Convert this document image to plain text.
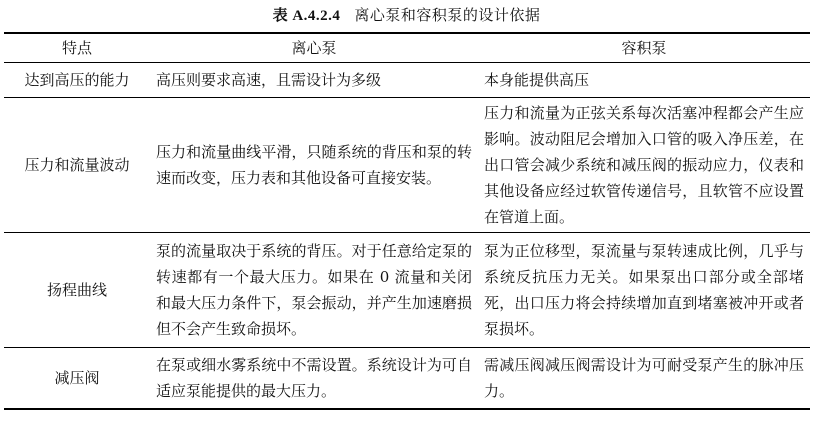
表 A.4.2.4 离心泵和容积泵的设计依据
特点	离心泵	容积泵
达到高压的能力	高压则要求高速，且需设计为多级	本身能提供高压
压力和流量波动	压力和流量曲线平滑，只随系统的背压和泵的转速而改变，压力表和其他设备可直接安装。	压力和流量为正弦关系每次活塞冲程都会产生应影响。波动阻尼会增加入口管的吸入净压差，在出口管会减少系统和减压阀的振动应力，仪表和其他设备应经过软管传递信号，且软管不应设置在管道上面。
扬程曲线	泵的流量取决于系统的背压。对于任意给定泵的转速都有一个最大压力。如果在 0 流量和关闭和最大压力条件下，泵会振动，并产生加速磨损但不会产生致命损坏。	泵为正位移型，泵流量与泵转速成比例，几乎与系统反抗压力无关。如果泵出口部分或全部堵死，出口压力将会持续增加直到堵塞被冲开或者泵损坏。
减压阀	在泵或细水雾系统中不需设置。系统设计为可自适应泵能提供的最大压力。	需减压阀减压阀需设计为可耐受泵产生的脉冲压力。
